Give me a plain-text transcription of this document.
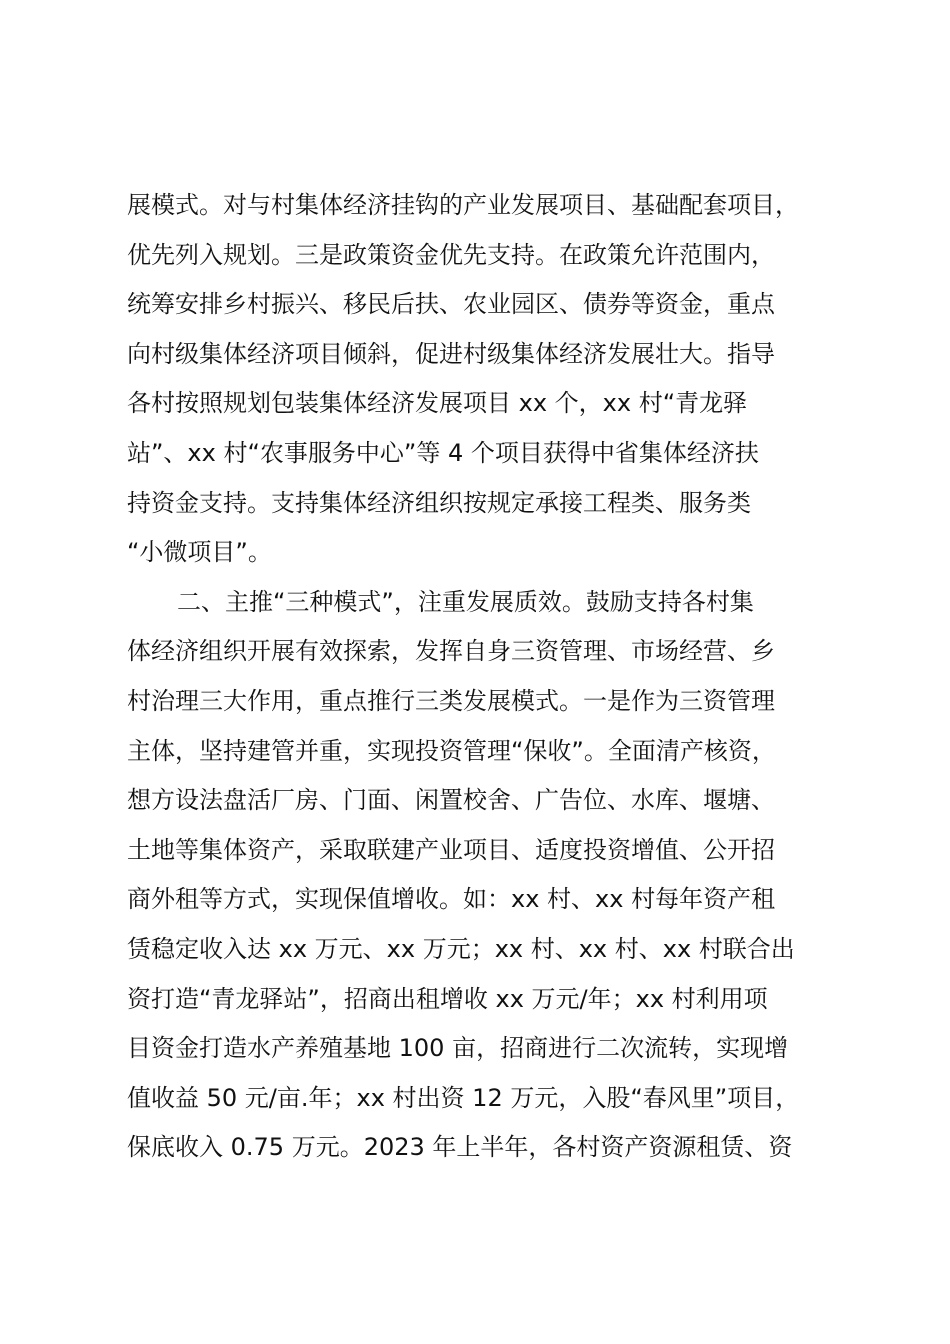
展模式。对与村集体经济挂钩的产业发展项目、基础配套项目，
优先列入规划。三是政策资金优先支持。在政策允许范围内，
统筹安排乡村振兴、移民后扶、农业园区、债券等资金，重点
向村级集体经济项目倾斜，促进村级集体经济发展壮大。指导
各村按照规划包装集体经济发展项目 xx 个，xx 村“青龙驿
站”、xx 村“农事服务中心”等 4 个项目获得中省集体经济扶
持资金支持。支持集体经济组织按规定承接工程类、服务类
“小微项目”。
二、主推“三种模式”，注重发展质效。鼓励支持各村集
体经济组织开展有效探索，发挥自身三资管理、市场经营、乡
村治理三大作用，重点推行三类发展模式。一是作为三资管理
主体，坚持建管并重，实现投资管理“保收”。全面清产核资，
想方设法盘活厂房、门面、闲置校舍、广告位、水库、堰塘、
土地等集体资产，采取联建产业项目、适度投资增值、公开招
商外租等方式，实现保值增收。如：xx 村、xx 村每年资产租
赁稳定收入达 xx 万元、xx 万元；xx 村、xx 村、xx 村联合出
资打造“青龙驿站”，招商出租增收 xx 万元/年；xx 村利用项
目资金打造水产养殖基地 100 亩，招商进行二次流转，实现增
值收益 50 元/亩.年；xx 村出资 12 万元，入股“春风里”项目，
保底收入 0.75 万元。2023 年上半年，各村资产资源租赁、资
